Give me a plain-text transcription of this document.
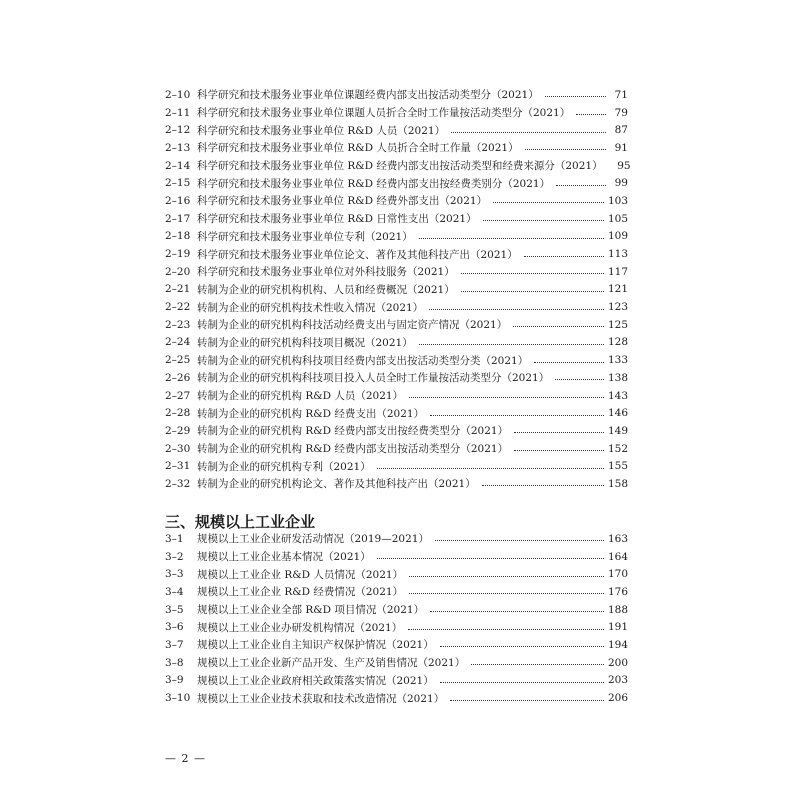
2–10 科学研究和技术服务业事业单位课题经费内部支出按活动类型分（2021）	71
2–11 科学研究和技术服务业事业单位课题人员折合全时工作量按活动类型分（2021）	79
2–12 科学研究和技术服务业事业单位 R&D 人员（2021）	87
2–13 科学研究和技术服务业事业单位 R&D 人员折合全时工作量（2021）	91
2–14 科学研究和技术服务业事业单位 R&D 经费内部支出按活动类型和经费来源分（2021）	95
2–15 科学研究和技术服务业事业单位 R&D 经费内部支出按经费类别分（2021）	99
2–16 科学研究和技术服务业事业单位 R&D 经费外部支出（2021）	103
2–17 科学研究和技术服务业事业单位 R&D 日常性支出（2021）	105
2–18 科学研究和技术服务业事业单位专利（2021）	109
2–19 科学研究和技术服务业事业单位论文、著作及其他科技产出（2021）	113
2–20 科学研究和技术服务业事业单位对外科技服务（2021）	117
2–21 转制为企业的研究机构机构、人员和经费概况（2021）	121
2–22 转制为企业的研究机构技术性收入情况（2021）	123
2–23 转制为企业的研究机构科技活动经费支出与固定资产情况（2021）	125
2–24 转制为企业的研究机构科技项目概况（2021）	128
2–25 转制为企业的研究机构科技项目经费内部支出按活动类型分类（2021）	133
2–26 转制为企业的研究机构科技项目投入人员全时工作量按活动类型分（2021）	138
2–27 转制为企业的研究机构 R&D 人员（2021）	143
2–28 转制为企业的研究机构 R&D 经费支出（2021）	146
2–29 转制为企业的研究机构 R&D 经费内部支出按经费类型分（2021）	149
2–30 转制为企业的研究机构 R&D 经费内部支出按活动类型分（2021）	152
2–31 转制为企业的研究机构专利（2021）	155
2–32 转制为企业的研究机构论文、著作及其他科技产出（2021）	158
三、规模以上工业企业
3–1	规模以上工业企业研发活动情况（2019—2021）	163
3–2	规模以上工业企业基本情况（2021）	164
3–3	规模以上工业企业 R&D 人员情况（2021）	170
3–4	规模以上工业企业 R&D 经费情况（2021）	176
3–5	规模以上工业企业全部 R&D 项目情况（2021）	188
3–6	规模以上工业企业办研发机构情况（2021）	191
3–7	规模以上工业企业自主知识产权保护情况（2021）	194
3–8	规模以上工业企业新产品开发、生产及销售情况（2021）	200
3–9	规模以上工业企业政府相关政策落实情况（2021）	203
3–10 规模以上工业企业技术获取和技术改造情况（2021）	206
— 2 —
